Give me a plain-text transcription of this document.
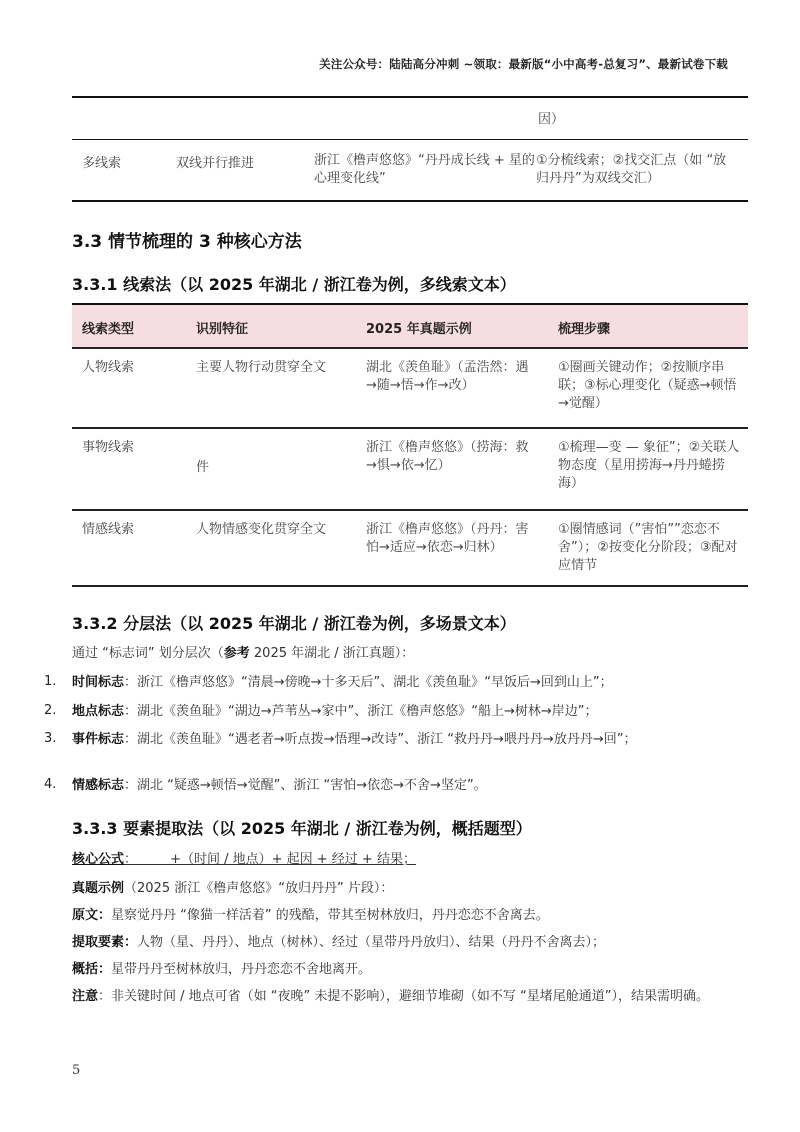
关注公众号：陆陆高分冲刺 ~领取：最新版“小中高考-总复习”、最新试卷下载
因）
多线索	双线并行推进	浙江《橹声悠悠》“丹丹成长线 + 星的心理变化线”	①分梳线索；②找交汇点（如 “放归丹丹”为双线交汇）
3.3 情节梳理的 3 种核心方法
3.3.1 线索法（以 2025 年湖北 / 浙江卷为例，多线索文本）
线索类型	识别特征	2025 年真题示例	梳理步骤
人物线索	主要人物行动贯穿全文	湖北《羡鱼耻》（孟浩然：遇→随→悟→作→改）	①圈画关键动作；②按顺序串联；③标心理变化（疑惑→顿悟→觉醒）
事物线索	件	浙江《橹声悠悠》（捞海：救→惧→依→忆）	①梳理—变 — 象征”；②关联人物态度（星用捞海→丹丹蜷捞海）
情感线索	人物情感变化贯穿全文	浙江《橹声悠悠》（丹丹：害怕→适应→依恋→归林）	①圈情感词（”害怕””恋恋不舍”）；②按变化分阶段；③配对应情节
3.3.2 分层法（以 2025 年湖北 / 浙江卷为例，多场景文本）
通过 “标志词” 划分层次（参考 2025 年湖北 / 浙江真题）：
1. 时间标志：浙江《橹声悠悠》“清晨→傍晚→十多天后”、湖北《羡鱼耻》“早饭后→回到山上”；
2. 地点标志：湖北《羡鱼耻》“湖边→芦苇丛→家中”、浙江《橹声悠悠》“船上→树林→岸边”；
3. 事件标志：湖北《羡鱼耻》“遇老者→听点拨→悟理→改诗”、浙江 “救丹丹→喂丹丹→放丹丹→回”；
4. 情感标志：湖北 “疑惑→顿悟→觉醒”、浙江 “害怕→依恋→不舍→坚定”。
3.3.3 要素提取法（以 2025 年湖北 / 浙江卷为例，概括题型）
核心公式：        +（时间 / 地点）+ 起因 + 经过 + 结果；
真题示例（2025 浙江《橹声悠悠》“放归丹丹” 片段）：
原文：星察觉丹丹 “像猫一样活着” 的残酷，带其至树林放归，丹丹恋恋不舍离去。
提取要素：人物（星、丹丹）、地点（树林）、经过（星带丹丹放归）、结果（丹丹不舍离去）；
概括：星带丹丹至树林放归，丹丹恋恋不舍地离开。
注意：非关键时间 / 地点可省（如 “夜晚” 未提不影响），避细节堆砌（如不写 “星堵尾舱通道”），结果需明确。
5
